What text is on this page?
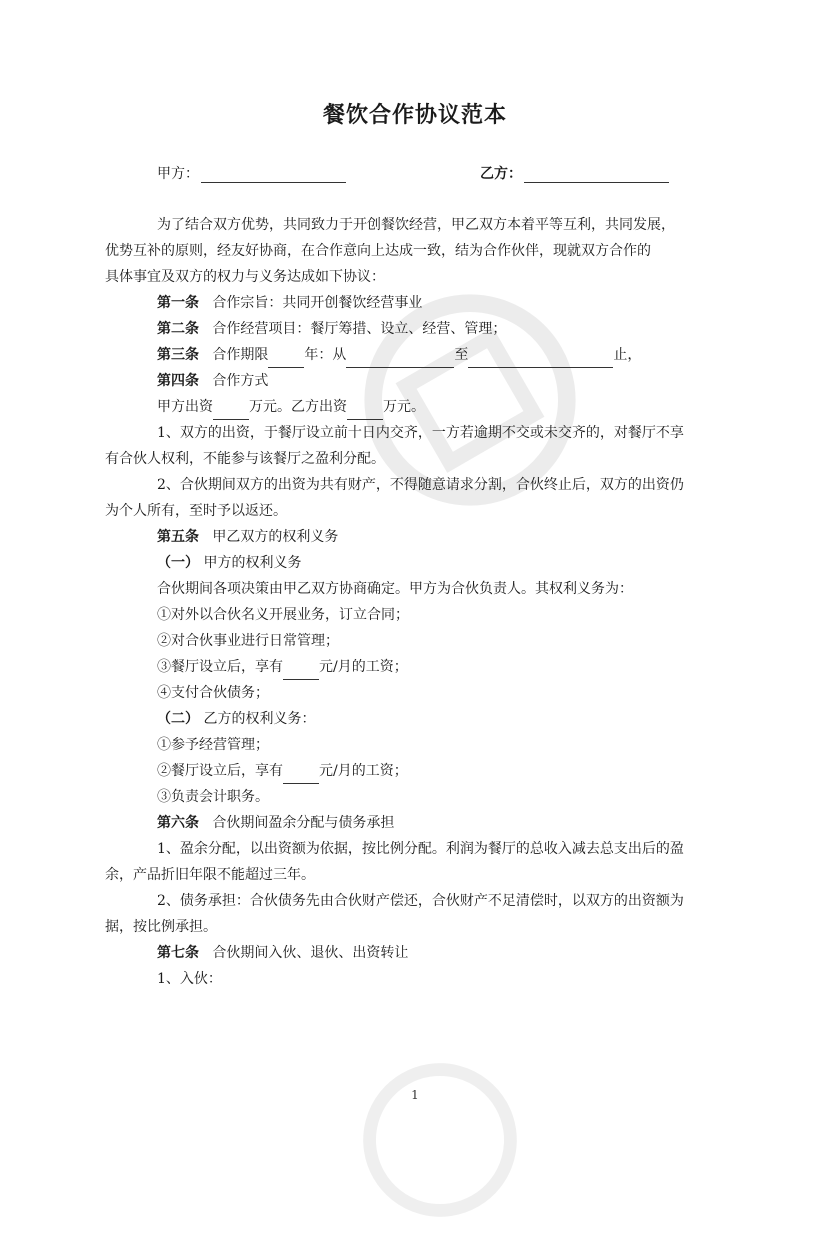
餐饮合作协议范本
甲方：	乙方：
为了结合双方优势，共同致力于开创餐饮经营，甲乙双方本着平等互利，共同发展，
优势互补的原则，经友好协商，在合作意向上达成一致，结为合作伙伴，现就双方合作的
具体事宜及双方的权力与义务达成如下协议：
第一条 合作宗旨：共同开创餐饮经营事业
第二条 合作经营项目：餐厅筹措、设立、经营、管理；
第三条 合作期限	年：从	至	止，
第四条 合作方式
甲方出资	万元。乙方出资	万元。
1、双方的出资，于餐厅设立前十日内交齐，一方若逾期不交或未交齐的，对餐厅不享
有合伙人权利，不能参与该餐厅之盈利分配。
2、合伙期间双方的出资为共有财产，不得随意请求分割，合伙终止后，双方的出资仍
为个人所有，至时予以返还。
第五条 甲乙双方的权利义务
（一） 甲方的权利义务
合伙期间各项决策由甲乙双方协商确定。甲方为合伙负责人。其权利义务为：
①对外以合伙名义开展业务，订立合同；
②对合伙事业进行日常管理；
③餐厅设立后，享有	元/月的工资；
④支付合伙债务；
（二） 乙方的权利义务：
①参予经营管理；
②餐厅设立后，享有	元/月的工资；
③负责会计职务。
第六条 合伙期间盈余分配与债务承担
1、盈余分配，以出资额为依据，按比例分配。利润为餐厅的总收入减去总支出后的盈
余，产品折旧年限不能超过三年。
2、债务承担：合伙债务先由合伙财产偿还，合伙财产不足清偿时，以双方的出资额为
据，按比例承担。
第七条 合伙期间入伙、退伙、出资转让
1、入伙：
1
